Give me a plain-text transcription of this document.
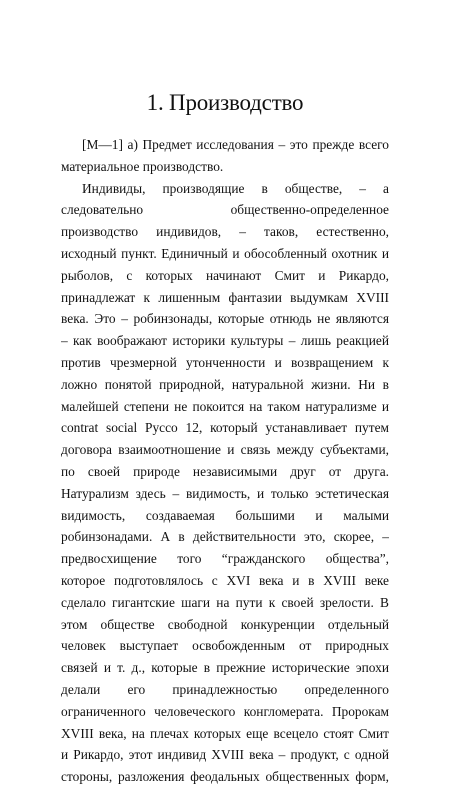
1. Производство
[M—1] а) Предмет исследования – это прежде всего
материальное производство.
Индивиды, производящие в обществе, – а
следовательно общественно-определенное
производство индивидов, – таков, естественно,
исходный пункт. Единичный и обособленный охотник и
рыболов, с которых начинают Смит и Рикардо,
принадлежат к лишенным фантазии выдумкам XVIII
века. Это – робинзонады, которые отнюдь не являются
– как воображают историки культуры – лишь реакцией
против чрезмерной утонченности и возвращением к
ложно понятой природной, натуральной жизни. Ни в
малейшей степени не покоится на таком натурализме и
contrat social Руссо 12, который устанавливает путем
договора взаимоотношение и связь между субъектами,
по своей природе независимыми друг от друга.
Натурализм здесь – видимость, и только эстетическая
видимость, создаваемая большими и малыми
робинзонадами. А в действительности это, скорее, –
предвосхищение того “гражданского общества”,
которое подготовлялось с XVI века и в XVIII веке
сделало гигантские шаги на пути к своей зрелости. В
этом обществе свободной конкуренции отдельный
человек выступает освобожденным от природных
связей и т. д., которые в прежние исторические эпохи
делали его принадлежностью определенного
ограниченного человеческого конгломерата. Пророкам
XVIII века, на плечах которых еще всецело стоят Смит
и Рикардо, этот индивид XVIII века – продукт, с одной
стороны, разложения феодальных общественных форм,
